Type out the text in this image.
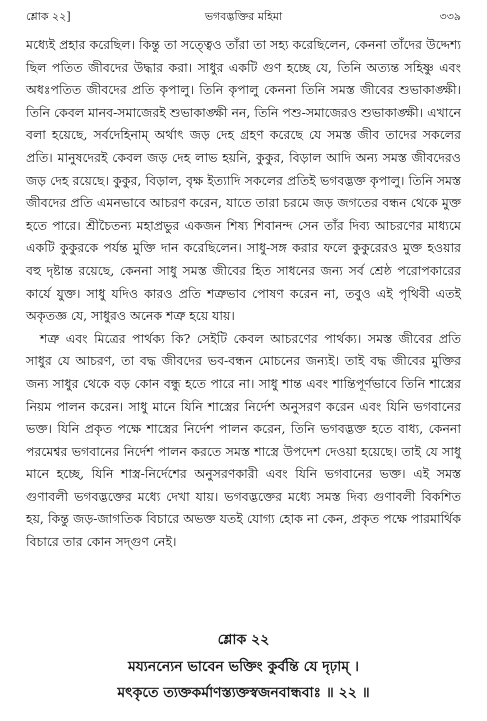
শ্লোক ২২]	ভগবদ্ভক্তির মহিমা	৩৩৯

মধ্যেই প্রহার করেছিল। কিন্তু তা সত্ত্বেও তাঁরা তা সহ্য করেছিলেন, কেননা তাঁদের উদ্দেশ্য ছিল পতিত জীবদের উদ্ধার করা। সাধুর একটি গুণ হচ্ছে যে, তিনি অত্যন্ত সহিষ্ণু এবং অধঃপতিত জীবদের প্রতি কৃপালু। তিনি কৃপালু কেননা তিনি সমস্ত জীবের শুভাকাঙ্ক্ষী। তিনি কেবল মানব-সমাজেরই শুভাকাঙ্ক্ষী নন, তিনি পশু-সমাজেরও শুভাকাঙ্ক্ষী। এখানে বলা হয়েছে, সর্বদেহিনাম্ অর্থাৎ জড় দেহ গ্রহণ করেছে যে সমস্ত জীব তাদের সকলের প্রতি। মানুষদেরই কেবল জড় দেহ লাভ হয়নি, কুকুর, বিড়াল আদি অন্য সমস্ত জীবদেরও জড় দেহ রয়েছে। কুকুর, বিড়াল, বৃক্ষ ইত্যাদি সকলের প্রতিই ভগবদ্ভক্ত কৃপালু। তিনি সমস্ত জীবদের প্রতি এমনভাবে আচরণ করেন, যাতে তারা চরমে জড় জগতের বন্ধন থেকে মুক্ত হতে পারে। শ্রীচৈতন্য মহাপ্রভুর একজন শিষ্য শিবানন্দ সেন তাঁর দিব্য আচরণের মাধ্যমে একটি কুকুরকে পর্যন্ত মুক্তি দান করেছিলেন। সাধু-সঙ্গ করার ফলে কুকুরেরও মুক্ত হওয়ার বহু দৃষ্টান্ত রয়েছে, কেননা সাধু সমস্ত জীবের হিত সাধনের জন্য সর্ব শ্রেষ্ঠ পরোপকারের কার্যে যুক্ত। সাধু যদিও কারও প্রতি শত্রুভাব পোষণ করেন না, তবুও এই পৃথিবী এতই অকৃতজ্ঞ যে, সাধুরও অনেক শত্রু হয়ে যায়।

শত্রু এবং মিত্রের পার্থক্য কি? সেইটি কেবল আচরণের পার্থক্য। সমস্ত জীবের প্রতি সাধুর যে আচরণ, তা বদ্ধ জীবদের ভব-বন্ধন মোচনের জন্যই। তাই বদ্ধ জীবের মুক্তির জন্য সাধুর থেকে বড় কোন বন্ধু হতে পারে না। সাধু শান্ত এবং শান্তিপূর্ণভাবে তিনি শাস্ত্রের নিয়ম পালন করেন। সাধু মানে যিনি শাস্ত্রের নির্দেশ অনুসরণ করেন এবং যিনি ভগবানের ভক্ত। যিনি প্রকৃত পক্ষে শাস্ত্রের নির্দেশ পালন করেন, তিনি ভগবদ্ভক্ত হতে বাধ্য, কেননা পরমেশ্বর ভগবানের নির্দেশ পালন করতে সমস্ত শাস্ত্রে উপদেশ দেওয়া হয়েছে। তাই যে সাধু মানে হচ্ছে, যিনি শাস্ত্র-নির্দেশের অনুসরণকারী এবং যিনি ভগবানের ভক্ত। এই সমস্ত গুণাবলী ভগবদ্ভক্তের মধ্যে দেখা যায়। ভগবদ্ভক্তের মধ্যে সমস্ত দিব্য গুণাবলী বিকশিত হয়, কিন্তু জড়-জাগতিক বিচারে অভক্ত যতই যোগ্য হোক না কেন, প্রকৃত পক্ষে পারমার্থিক বিচারে তার কোন সদ্‌গুণ নেই।

শ্লোক ২২
ময্যনন্যেন ভাবেন ভক্তিং কুর্বন্তি যে দৃঢ়াম্‌ ।
মৎকৃতে ত্যক্তকর্মাণস্ত্যক্তস্বজনবান্ধবাঃ ॥ ২২ ॥
